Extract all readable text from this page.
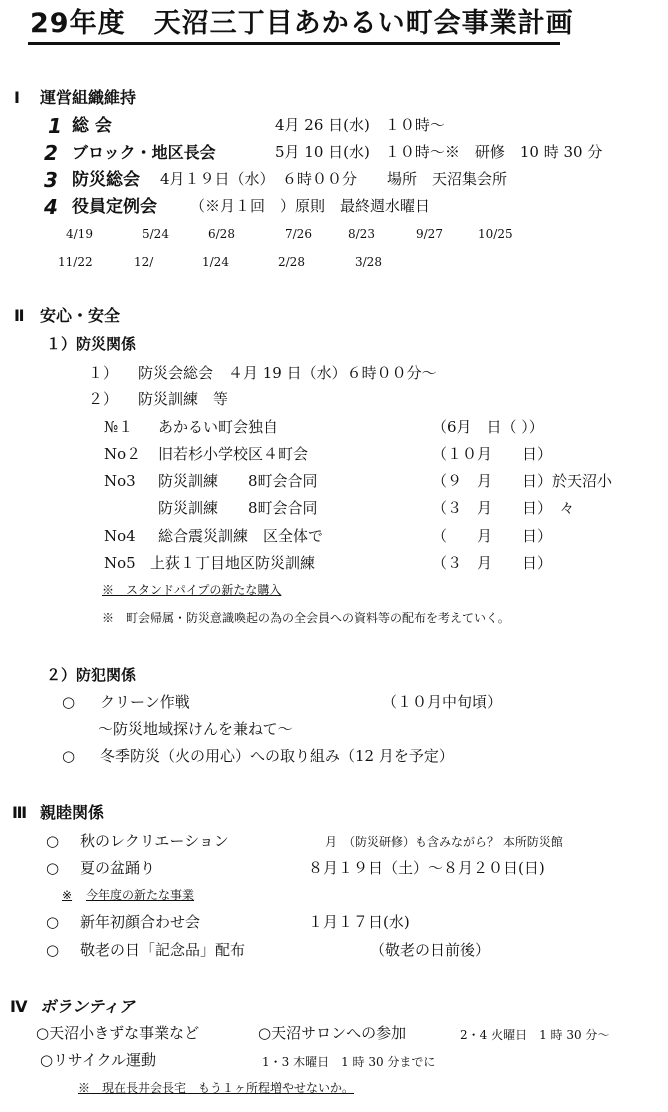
29年度　天沼三丁目あかるい町会事業計画
Ⅰ 運営組織維持
1 総 会	4月 26 日(水)　１０時～
2 ブロック・地区長会	5月 10 日(水)　１０時～※　研修　10 時 30 分
3 防災総会 4月１９日（水）　６時００分　　場所　天沼集会所
4 役員定例会 （※月１回　）原則　最終週水曜日
4/19	5/24	6/28	7/26	8/23	9/27	10/25
11/22	12/	1/24	2/28	3/28
Ⅱ 安心・安全
１）防災関係
１） 防災会総会　４月 19 日（水）６時００分～
２） 防災訓練　等
№１ あかるい町会独自	（6月　日（ ））
No２ 旧若杉小学校区４町会	（１０月　　日）
No3 防災訓練　　8町会合同	（９　月　　日）於天沼小
防災訓練　　8町会合同	（３　月　　日）　々
No4 総合震災訓練　区全体で	（　　月　　日）
No5 上荻１丁目地区防災訓練	（３　月　　日）
※　スタンドパイプの新たな購入
※　町会帰属・防災意識喚起の為の全会員への資料等の配布を考えていく。
２）防犯関係
○ クリーン作戦	（１０月中旬頃）
～防災地域探けんを兼ねて～
○ 冬季防災（火の用心）への取り組み（12 月を予定）
Ⅲ 親睦関係
○ 秋のレクリエーション	月　（防災研修）も含みながら？ 本所防災館
○ 夏の盆踊り	８月１９日（土）～８月２０日(日)
※ 今年度の新たな事業
○ 新年初顔合わせ会	１月１７日(水)
○ 敬老の日「記念品」配布	（敬老の日前後）
Ⅳ ボランティア
○天沼小きずな事業など	○天沼サロンへの参加	2・4 火曜日　1 時 30 分～
○リサイクル運動	1・3 木曜日　1 時 30 分までに
※　現在長井会長宅　もう１ヶ所程増やせないか。
